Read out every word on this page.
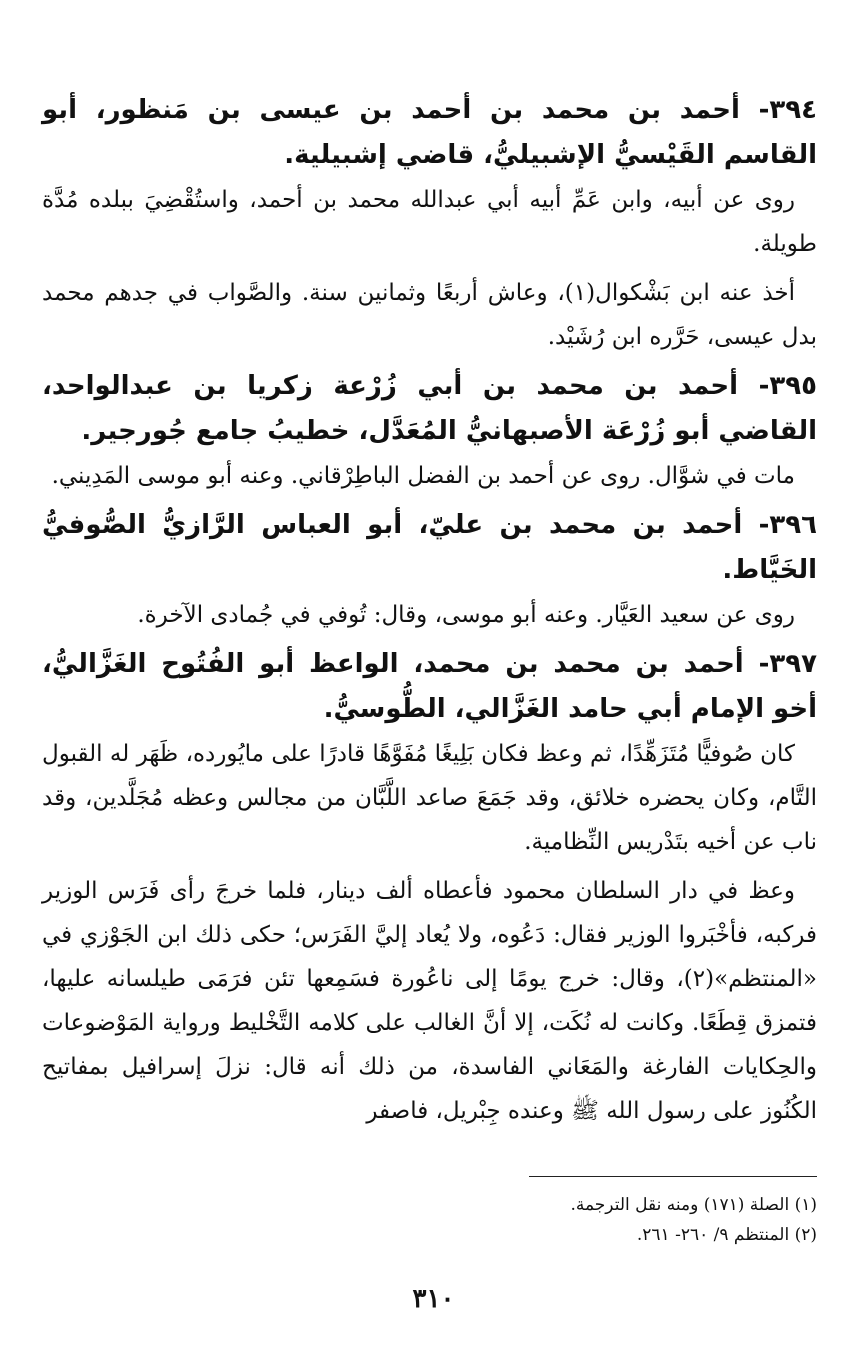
٣٩٤- أحمد بن محمد بن أحمد بن عيسى بن مَنظور، أبو القاسم القَيْسيُّ الإشبيليُّ، قاضي إشبيلية.

روى عن أبيه، وابن عَمِّ أبيه أبي عبدالله محمد بن أحمد، واستُقْضِيَ ببلده مُدَّة طويلة.

أخذ عنه ابن بَشْكوال(١)، وعاش أربعًا وثمانين سنة. والصَّواب في جدهم محمد بدل عيسى، حَرَّره ابن رُشَيْد.

٣٩٥- أحمد بن محمد بن أبي زُرْعة زكريا بن عبدالواحد، القاضي أبو زُرْعَة الأصبهانيُّ المُعَدَّل، خطيبُ جامع جُورجير.

مات في شوَّال. روى عن أحمد بن الفضل الباطِرْقاني. وعنه أبو موسى المَدِيني.

٣٩٦- أحمد بن محمد بن عليّ، أبو العباس الرَّازيُّ الصُّوفيُّ الخَيَّاط.

روى عن سعيد العَيَّار. وعنه أبو موسى، وقال: تُوفي في جُمادى الآخرة.

٣٩٧- أحمد بن محمد بن محمد، الواعظ أبو الفُتُوح الغَزَّاليُّ، أخو الإمام أبي حامد الغَزَّالي، الطُّوسيُّ.

كان صُوفيًّا مُتَزَهِّدًا، ثم وعظ فكان بَلِيغًا مُفَوَّهًا قادرًا على مايُورده، ظَهَر له القبول التَّام، وكان يحضره خلائق، وقد جَمَعَ صاعد اللَّبَّان من مجالس وعظه مُجَلَّدين، وقد ناب عن أخيه بتَدْريس النِّظامية.

وعظ في دار السلطان محمود فأعطاه ألف دينار، فلما خرجَ رأى فَرَس الوزير فركبه، فأخْبَروا الوزير فقال: دَعُوه، ولا يُعاد إليَّ الفَرَس؛ حكى ذلك ابن الجَوْزي في «المنتظم»(٢)، وقال: خرج يومًا إلى ناعُورة فسَمِعها تئن فرَمَى طيلسانه عليها، فتمزق قِطَعًا. وكانت له نُكَت، إلا أنَّ الغالب على كلامه التَّخْليط ورواية المَوْضوعات والحِكايات الفارغة والمَعَاني الفاسدة، من ذلك أنه قال: نزلَ إسرافيل بمفاتيح الكُنُوز على رسول الله ﷺ وعنده جِبْريل، فاصفر

(١) الصلة (١٧١) ومنه نقل الترجمة.

(٢) المنتظم ٩/ ٢٦٠- ٢٦١.

٣١٠
